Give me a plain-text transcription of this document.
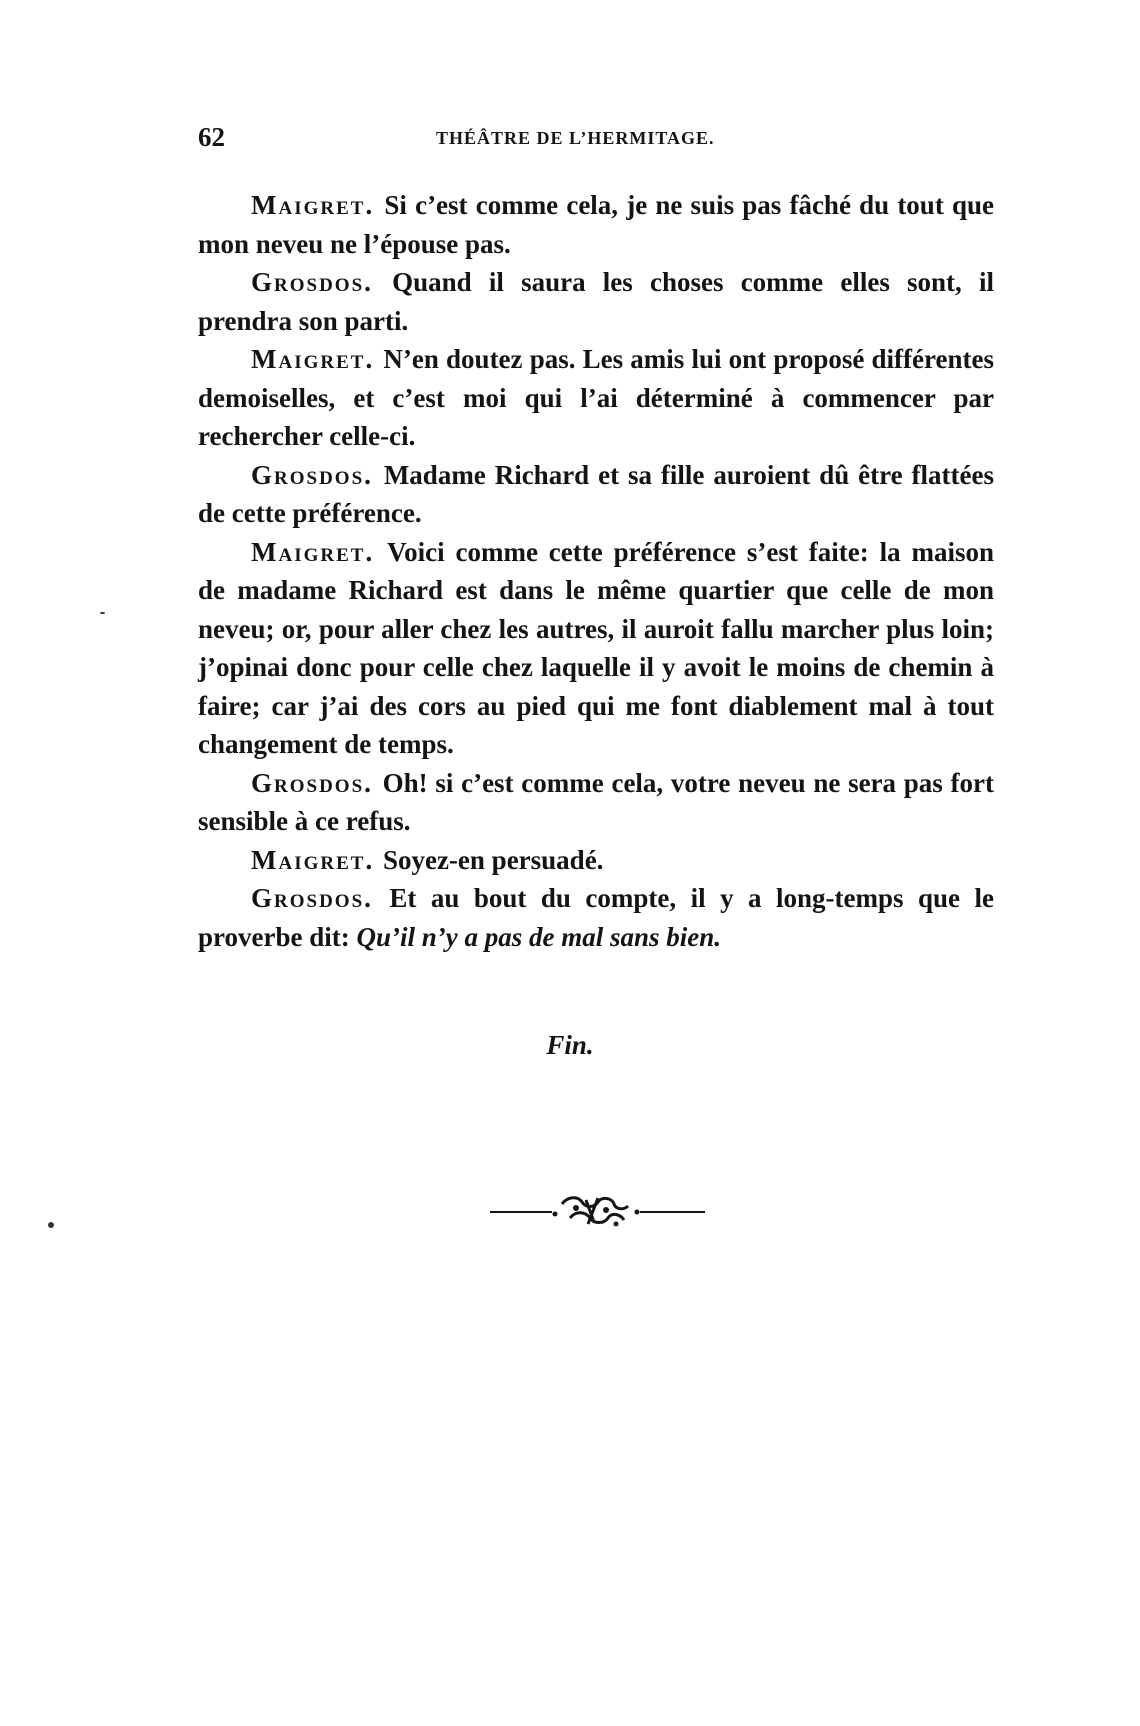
62	THÉÂTRE DE L’HERMITAGE.

Maigret. Si c’est comme cela, je ne suis pas fâché du tout que mon neveu ne l’épouse pas.

Grosdos. Quand il saura les choses comme elles sont, il prendra son parti.

Maigret. N’en doutez pas. Les amis lui ont proposé différentes demoiselles, et c’est moi qui l’ai déterminé à commencer par rechercher celle-ci.

Grosdos. Madame Richard et sa fille auroient dû être flattées de cette préférence.

Maigret. Voici comme cette préférence s’est faite: la maison de madame Richard est dans le même quartier que celle de mon neveu; or, pour aller chez les autres, il auroit fallu marcher plus loin; j’opinai donc pour celle chez laquelle il y avoit le moins de chemin à faire; car j’ai des cors au pied qui me font diablement mal à tout changement de temps.

Grosdos. Oh! si c’est comme cela, votre neveu ne sera pas fort sensible à ce refus.

Maigret. Soyez-en persuadé.

Grosdos. Et au bout du compte, il y a long-temps que le proverbe dit: Qu’il n’y a pas de mal sans bien.

Fin.
